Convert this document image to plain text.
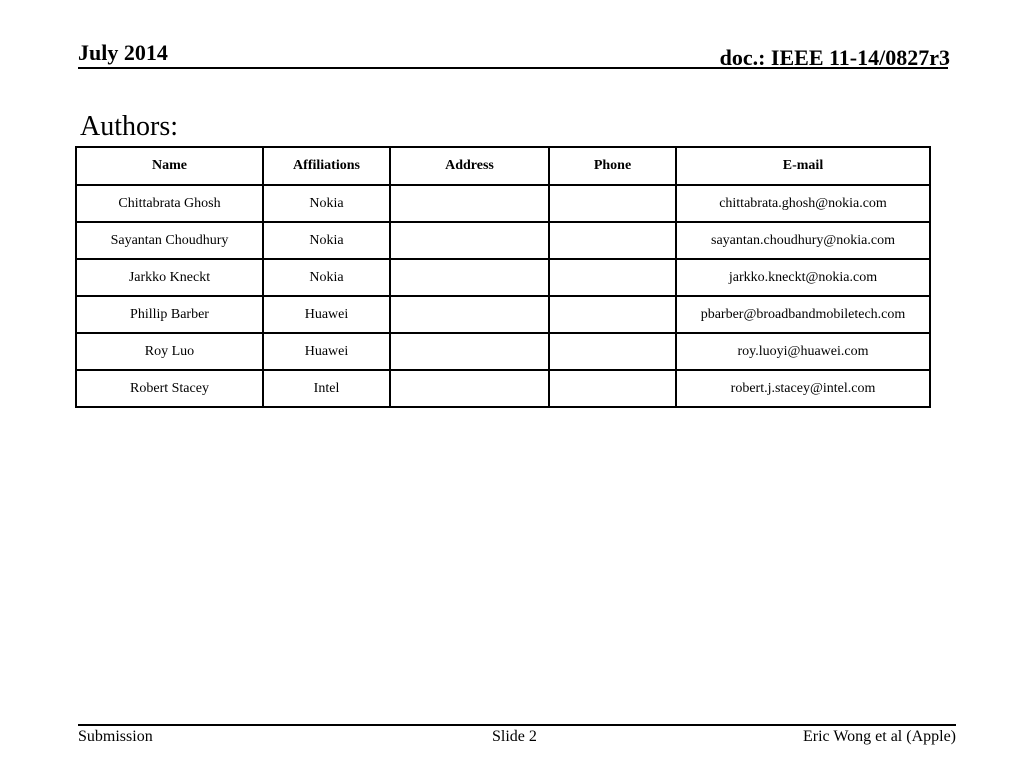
July 2014	doc.: IEEE 11-14/0827r3
Authors:
Name	Affiliations	Address	Phone	E-mail
Chittabrata Ghosh	Nokia			chittabrata.ghosh@nokia.com
Sayantan Choudhury	Nokia			sayantan.choudhury@nokia.com
Jarkko Kneckt	Nokia			jarkko.kneckt@nokia.com
Phillip Barber	Huawei			pbarber@broadbandmobiletech.com
Roy Luo	Huawei			roy.luoyi@huawei.com
Robert Stacey	Intel			robert.j.stacey@intel.com
Submission	Slide 2	Eric Wong et al (Apple)
